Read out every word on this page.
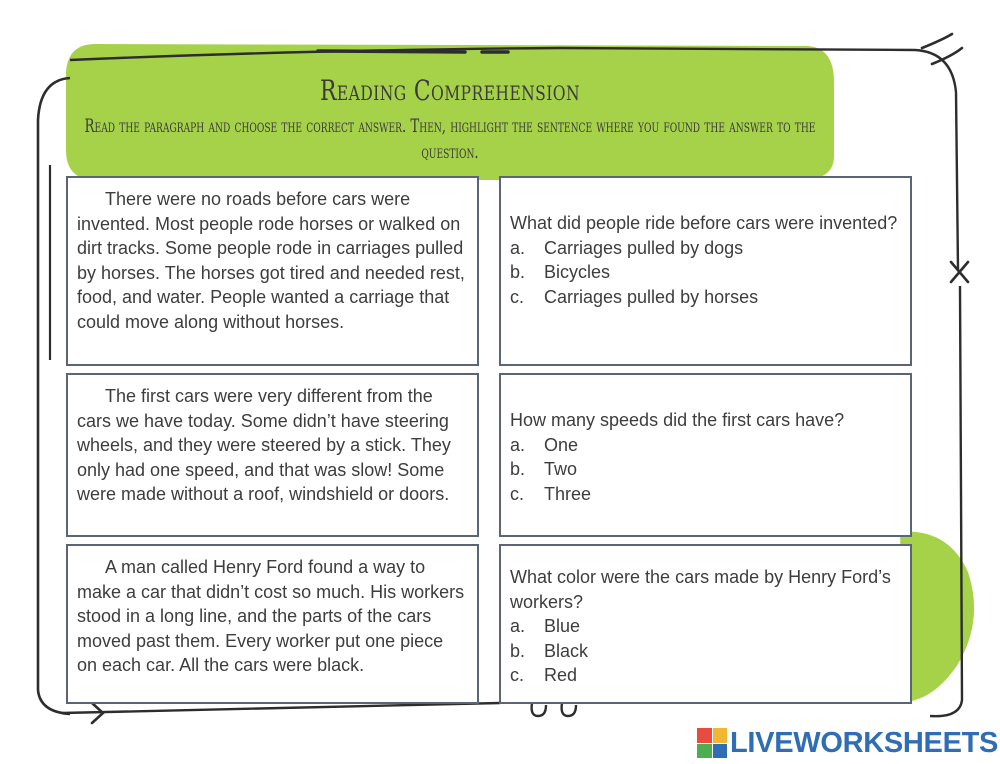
Reading Comprehension
Read the paragraph and choose the correct answer. Then, highlight the sentence where you found the answer to the question.
There were no roads before cars were invented. Most people rode horses or walked on dirt tracks. Some people rode in carriages pulled by horses. The horses got tired and needed rest, food, and water. People wanted a carriage that could move along without horses.
What did people ride before cars were invented?
a.	Carriages pulled by dogs
b.	Bicycles
c.	Carriages pulled by horses
The first cars were very different from the cars we have today. Some didn’t have steering wheels, and they were steered by a stick. They only had one speed, and that was slow! Some were made without a roof, windshield or doors.
How many speeds did the first cars have?
a.	One
b.	Two
c.	Three
A man called Henry Ford found a way to make a car that didn’t cost so much. His workers stood in a long line, and the parts of the cars moved past them. Every worker put one piece on each car. All the cars were black.
What color were the cars made by Henry Ford’s workers?
a.	Blue
b.	Black
c.	Red
LIVEWORKSHEETS
